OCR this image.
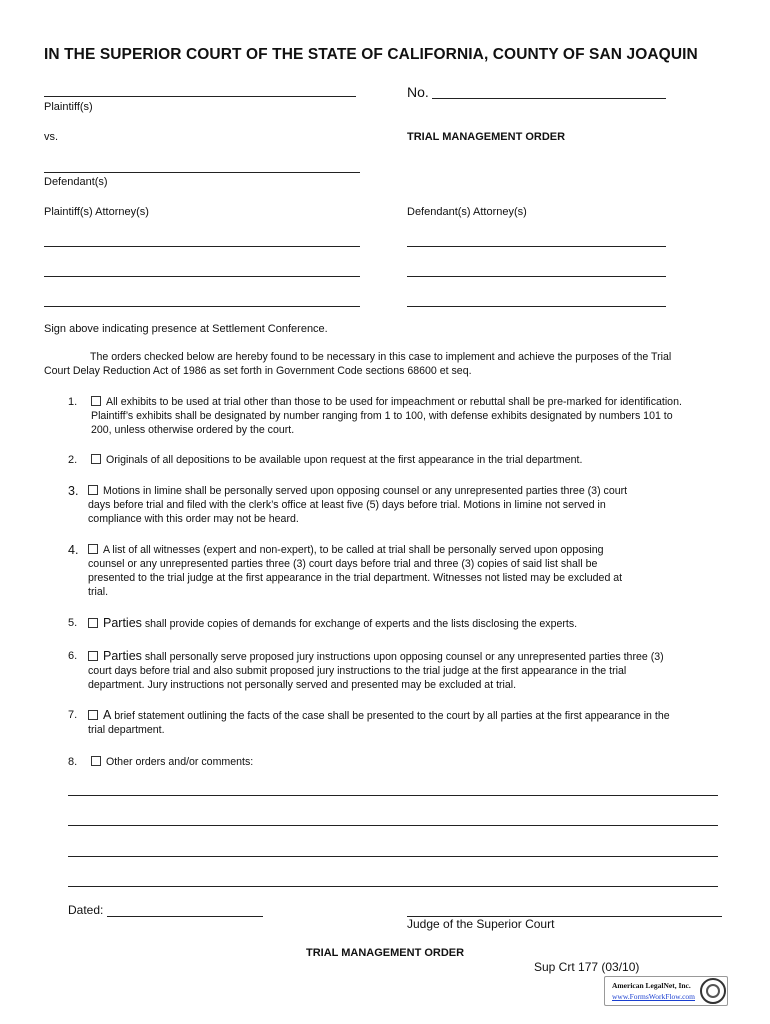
IN THE SUPERIOR COURT OF THE STATE OF CALIFORNIA, COUNTY OF SAN JOAQUIN
No.
Plaintiff(s)
vs.	TRIAL MANAGEMENT ORDER
Defendant(s)
Plaintiff(s) Attorney(s)	Defendant(s) Attorney(s)
Sign above indicating presence at Settlement Conference.
The orders checked below are hereby found to be necessary in this case to implement and achieve the purposes of the Trial
Court Delay Reduction Act of 1986 as set forth in Government Code sections 68600 et seq.
1.	All exhibits to be used at trial other than those to be used for impeachment or rebuttal shall be pre-marked for identification.
Plaintiff’s exhibits shall be designated by number ranging from 1 to 100, with defense exhibits designated by numbers 101 to
200, unless otherwise ordered by the court.
2.	Originals of all depositions to be available upon request at the first appearance in the trial department.
3.	Motions in limine shall be personally served upon opposing counsel or any unrepresented parties three (3) court
days before trial and filed with the clerk’s office at least five (5) days before trial. Motions in limine not served in
compliance with this order may not be heard.
4.	A list of all witnesses (expert and non-expert), to be called at trial shall be personally served upon opposing
counsel or any unrepresented parties three (3) court days before trial and three (3) copies of said list shall be
presented to the trial judge at the first appearance in the trial department. Witnesses not listed may be excluded at
trial.
5.	Parties shall provide copies of demands for exchange of experts and the lists disclosing the experts.
6.	Parties shall personally serve proposed jury instructions upon opposing counsel or any unrepresented parties three (3)
court days before trial and also submit proposed jury instructions to the trial judge at the first appearance in the trial
department. Jury instructions not personally served and presented may be excluded at trial.
7.	A brief statement outlining the facts of the case shall be presented to the court by all parties at the first appearance in the
trial department.
8.	Other orders and/or comments:
Dated:
Judge of the Superior Court
TRIAL MANAGEMENT ORDER
Sup Crt 177 (03/10)
American LegalNet, Inc.
www.FormsWorkFlow.com
